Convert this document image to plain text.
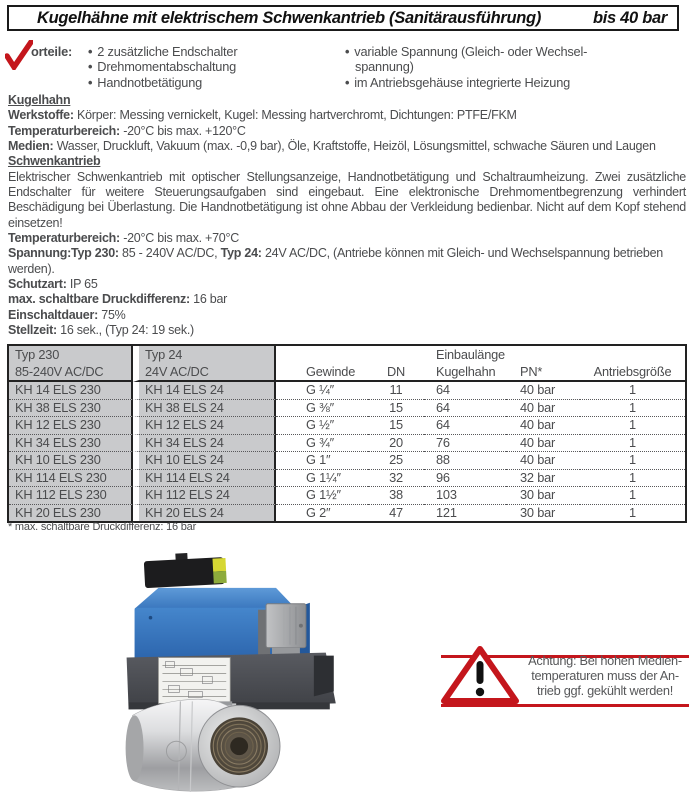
Kugelhähne mit elektrischem Schwenkantrieb (Sanitärausführung)	bis 40 bar
orteile: • 2 zusätzliche Endschalter
• Drehmomentabschaltung
• Handnotbetätigung
• variable Spannung (Gleich- oder Wechsel-
spannung)
• im Antriebsgehäuse integrierte Heizung
Kugelhahn
Werkstoffe: Körper: Messing vernickelt, Kugel: Messing hartverchromt, Dichtungen: PTFE/FKM
Temperaturbereich: -20°C bis max. +120°C
Medien: Wasser, Druckluft, Vakuum (max. -0,9 bar), Öle, Kraftstoffe, Heizöl, Lösungsmittel, schwache Säuren und Laugen
Schwenkantrieb
Elektrischer Schwenkantrieb mit optischer Stellungsanzeige, Handnotbetätigung und Schaltraumheizung. Zwei zusätzliche Endschalter für weitere Steuerungsaufgaben sind eingebaut. Eine elektronische Drehmomentbegrenzung verhindert Beschädigung bei Überlastung. Die Handnotbetätigung ist ohne Abbau der Verkleidung bedienbar. Nicht auf dem Kopf stehend einsetzen!
Temperaturbereich: -20°C bis max. +70°C
Spannung:Typ 230: 85 - 240V AC/DC, Typ 24: 24V AC/DC, (Antriebe können mit Gleich- und Wechselspannung betrieben werden).
Schutzart: IP 65
max. schaltbare Druckdifferenz: 16 bar
Einschaltdauer: 75%
Stellzeit: 16 sek., (Typ 24: 19 sek.)
Typ 230
85-240V AC/DC

Typ 24
24V AC/DC	Gewinde	DN

Einbaulänge
Kugelhahn	PN*	Antriebsgröße

KH 14 ELS 230	KH 14 ELS 24	G ¼″	11	64	40 bar	1
KH 38 ELS 230	KH 38 ELS 24	G ⅜″	15	64	40 bar	1
KH 12 ELS 230	KH 12 ELS 24	G ½″	15	64	40 bar	1
KH 34 ELS 230	KH 34 ELS 24	G ¾″	20	76	40 bar	1
KH 10 ELS 230	KH 10 ELS 24	G 1″	25	88	40 bar	1
KH 114 ELS 230	KH 114 ELS 24	G 1¼″	32	96	32 bar	1
KH 112 ELS 230	KH 112 ELS 24	G 1½″	38	103	30 bar	1
KH 20 ELS 230	KH 20 ELS 24	G 2″	47	121	30 bar	1
* max. schaltbare Druckdifferenz: 16 bar
Achtung: Bei hohen Medien-
temperaturen muss der An-
trieb ggf. gekühlt werden!
